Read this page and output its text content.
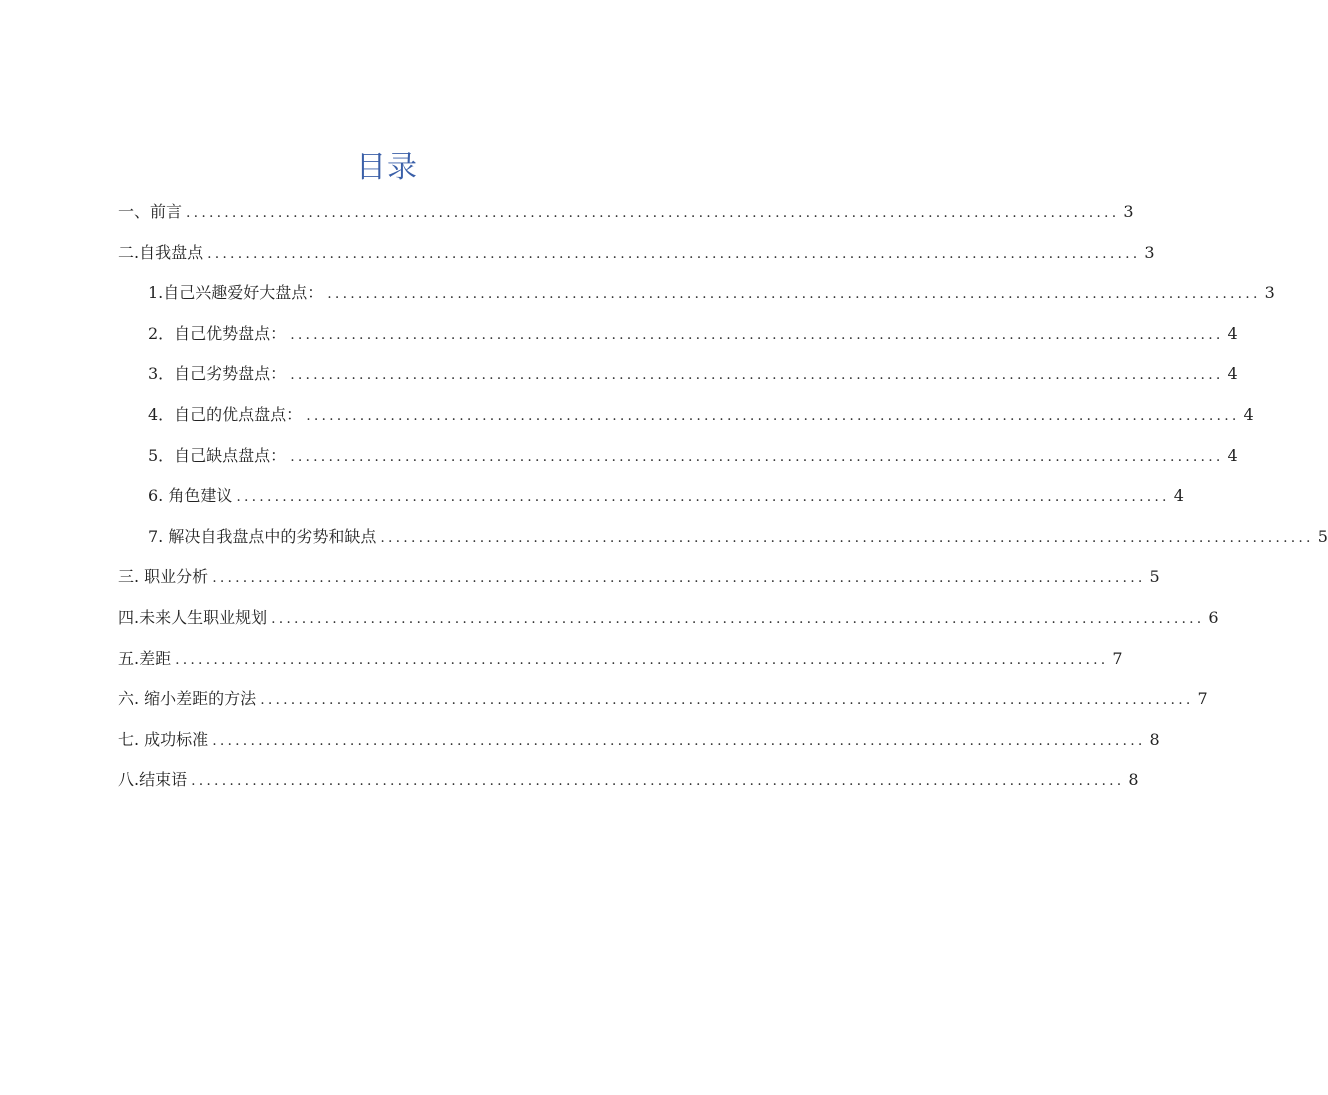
目录
一、前言 .......................................................................................................................... 3
二.自我盘点 .......................................................................................................................... 3
1.自己兴趣爱好大盘点： .......................................................................................................................... 3
2．自己优势盘点： .......................................................................................................................... 4
3．自己劣势盘点： .......................................................................................................................... 4
4．自己的优点盘点： .......................................................................................................................... 4
5．自己缺点盘点： .......................................................................................................................... 4
6. 角色建议 .......................................................................................................................... 4
7. 解决自我盘点中的劣势和缺点 .......................................................................................................................... 5
三. 职业分析 .......................................................................................................................... 5
四.未来人生职业规划 .......................................................................................................................... 6
五.差距 .......................................................................................................................... 7
六. 缩小差距的方法 .......................................................................................................................... 7
七. 成功标准 .......................................................................................................................... 8
八.结束语 .......................................................................................................................... 8
